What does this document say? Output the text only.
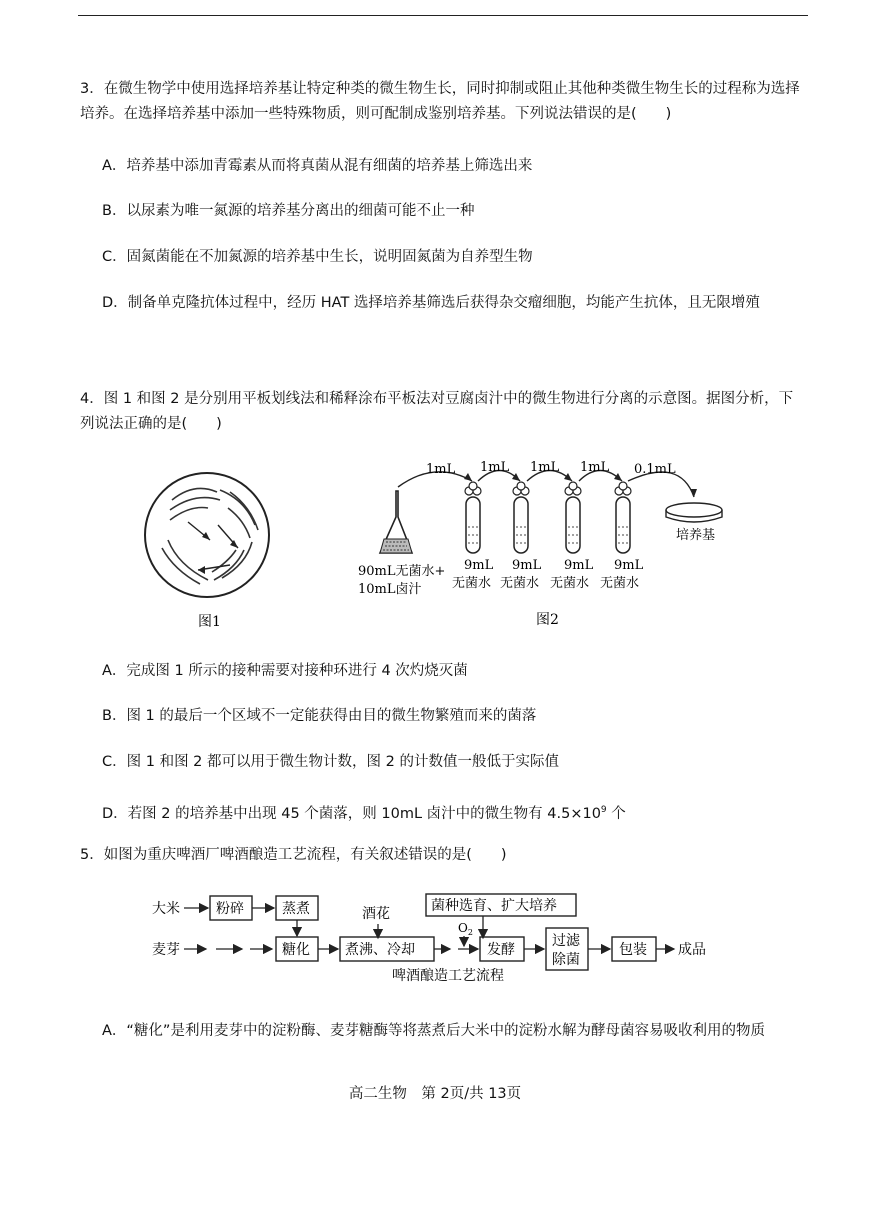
3．在微生物学中使用选择培养基让特定种类的微生物生长，同时抑制或阻止其他种类微生物生长的过程称为选择培养。在选择培养基中添加一些特殊物质，则可配制成鉴别培养基。下列说法错误的是(　　)
A．培养基中添加青霉素从而将真菌从混有细菌的培养基上筛选出来
B．以尿素为唯一氮源的培养基分离出的细菌可能不止一种
C．固氮菌能在不加氮源的培养基中生长，说明固氮菌为自养型生物
D．制备单克隆抗体过程中，经历 HAT 选择培养基筛选后获得杂交瘤细胞，均能产生抗体，且无限增殖
4．图 1 和图 2 是分别用平板划线法和稀释涂布平板法对豆腐卤汁中的微生物进行分离的示意图。据图分析，下列说法正确的是(　　)
图1
1mL 1mL 1mL 1mL 0.1mL
培养基
90mL无菌水+
10mL卤汁
9mL
无菌水
9mL
无菌水
9mL
无菌水
9mL
无菌水
图2
A．完成图 1 所示的接种需要对接种环进行 4 次灼烧灭菌
B．图 1 的最后一个区域不一定能获得由目的微生物繁殖而来的菌落
C．图 1 和图 2 都可以用于微生物计数，图 2 的计数值一般低于实际值
D．若图 2 的培养基中出现 45 个菌落，则 10mL 卤汁中的微生物有 $4.5\times 10^9$ 个
5．如图为重庆啤酒厂啤酒酿造工艺流程，有关叙述错误的是(　　)
大米	粉碎	蒸煮	酒花	菌种选育、扩大培养
麦芽	糖化	煮沸、冷却
$O_2$
发酵
过滤
除菌
包装 成品
啤酒酿造工艺流程
A．“糖化”是利用麦芽中的淀粉酶、麦芽糖酶等将蒸煮后大米中的淀粉水解为酵母菌容易吸收利用的物质
高二生物　第 2页/共 13页
